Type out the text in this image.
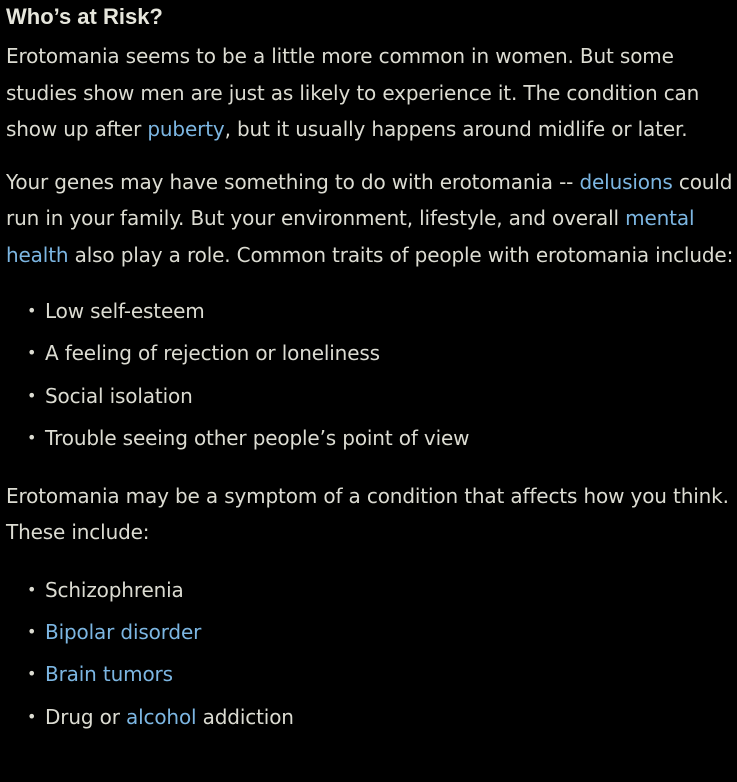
Who’s at Risk?

Erotomania seems to be a little more common in women. But some studies show men are just as likely to experience it. The condition can show up after puberty, but it usually happens around midlife or later.

Your genes may have something to do with erotomania -- delusions could run in your family. But your environment, lifestyle, and overall mental health also play a role. Common traits of people with erotomania include:

• Low self-esteem
• A feeling of rejection or loneliness
• Social isolation
• Trouble seeing other people’s point of view

Erotomania may be a symptom of a condition that affects how you think. These include:

• Schizophrenia
• Bipolar disorder
• Brain tumors
• Drug or alcohol addiction
